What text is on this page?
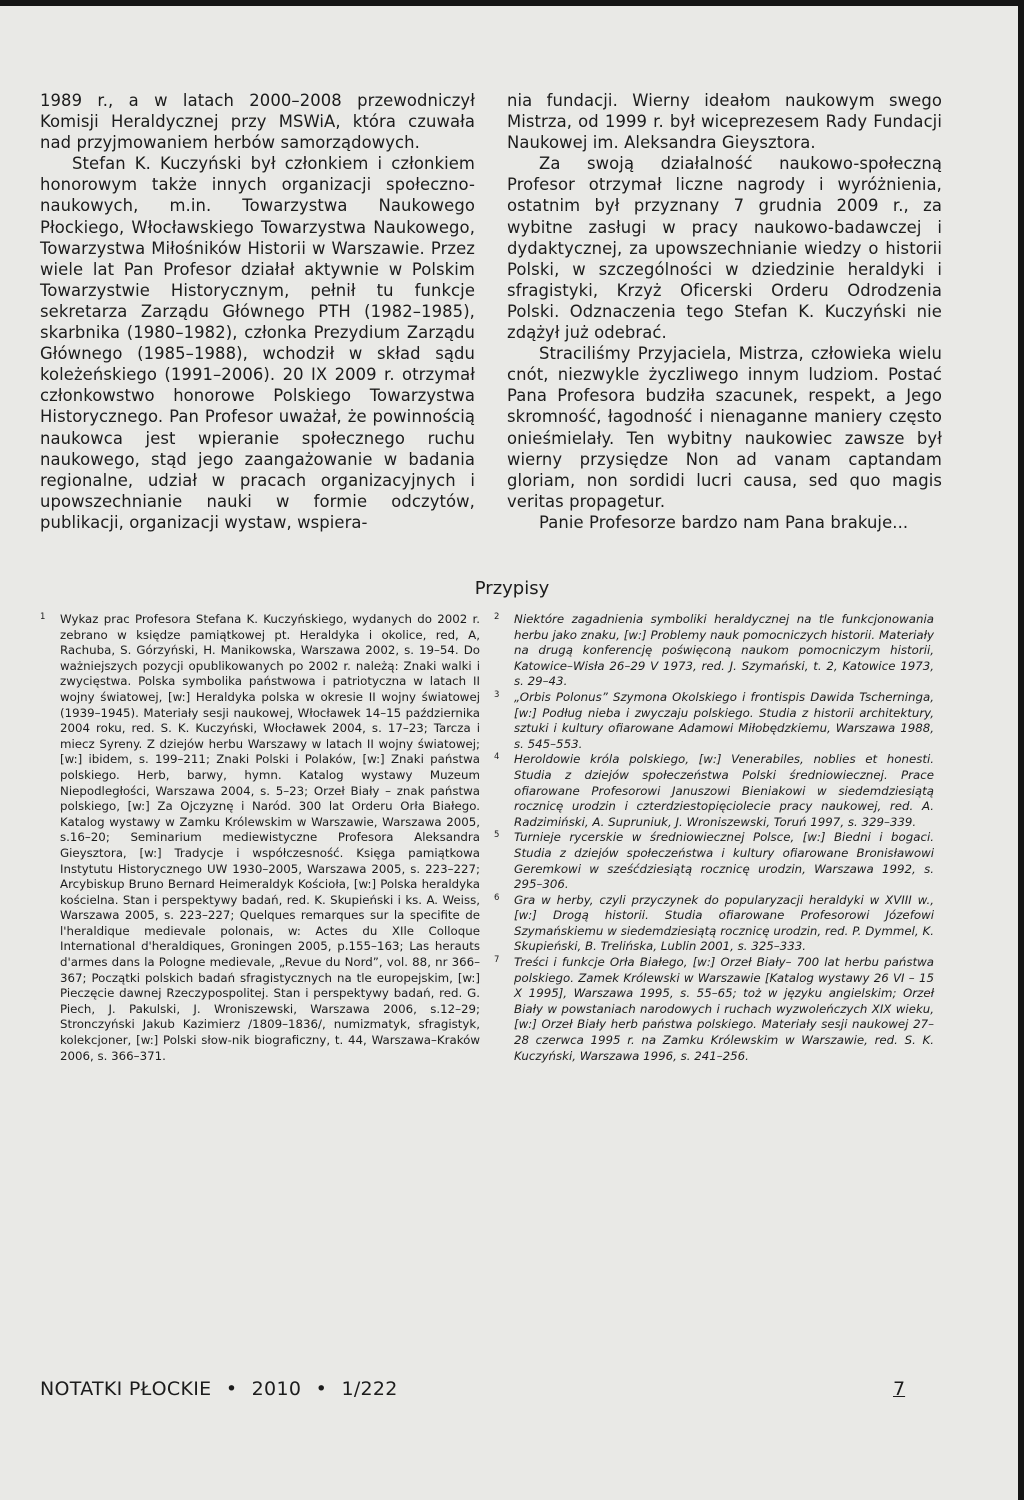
1989 r., a w latach 2000–2008 przewodniczył Komisji Heraldycznej przy MSWiA, która czuwała nad przyjmowaniem herbów samorządowych.

Stefan K. Kuczyński był członkiem i członkiem honorowym także innych organizacji społeczno-naukowych, m.in. Towarzystwa Naukowego Płockiego, Włocławskiego Towarzystwa Naukowego, Towarzystwa Miłośników Historii w Warszawie. Przez wiele lat Pan Profesor działał aktywnie w Polskim Towarzystwie Historycznym, pełnił tu funkcje sekretarza Zarządu Głównego PTH (1982–1985), skarbnika (1980–1982), członka Prezydium Zarządu Głównego (1985–1988), wchodził w skład sądu koleżeńskiego (1991–2006). 20 IX 2009 r. otrzymał członkowstwo honorowe Polskiego Towarzystwa Historycznego. Pan Profesor uważał, że powinnością naukowca jest wpieranie społecznego ruchu naukowego, stąd jego zaangażowanie w badania regionalne, udział w pracach organizacyjnych i upowszechnianie nauki w formie odczytów, publikacji, organizacji wystaw, wspiera-

nia fundacji. Wierny ideałom naukowym swego Mistrza, od 1999 r. był wiceprezesem Rady Fundacji Naukowej im. Aleksandra Gieysztora.

Za swoją działalność naukowo-społeczną Profesor otrzymał liczne nagrody i wyróżnienia, ostatnim był przyznany 7 grudnia 2009 r., za wybitne zasługi w pracy naukowo-badawczej i dydaktycznej, za upowszechnianie wiedzy o historii Polski, w szczególności w dziedzinie heraldyki i sfragistyki, Krzyż Oficerski Orderu Odrodzenia Polski. Odznaczenia tego Stefan K. Kuczyński nie zdążył już odebrać.

Straciliśmy Przyjaciela, Mistrza, człowieka wielu cnót, niezwykle życzliwego innym ludziom. Postać Pana Profesora budziła szacunek, respekt, a Jego skromność, łagodność i nienaganne maniery często onieśmielały. Ten wybitny naukowiec zawsze był wierny przysiędze Non ad vanam captandam gloriam, non sordidi lucri causa, sed quo magis veritas propagetur.

Panie Profesorze bardzo nam Pana brakuje...

Przypisy
1 Wykaz prac Profesora Stefana K. Kuczyńskiego, wydanych do 2002 r. zebrano w księdze pamiątkowej pt. Heraldyka i okolice, red, A, Rachuba, S. Górzyński, H. Manikowska, Warszawa 2002, s. 19–54. Do ważniejszych pozycji opublikowanych po 2002 r. należą: Znaki walki i zwycięstwa. Polska symbolika państwowa i patriotyczna w latach II wojny światowej, [w:] Heraldyka polska w okresie II wojny światowej (1939–1945). Materiały sesji naukowej, Włocławek 14–15 października 2004 roku, red. S. K. Kuczyński, Włocławek 2004, s. 17–23; Tarcza i miecz Syreny. Z dziejów herbu Warszawy w latach II wojny światowej; [w:] ibidem, s. 199–211; Znaki Polski i Polaków, [w:] Znaki państwa polskiego. Herb, barwy, hymn. Katalog wystawy Muzeum Niepodległości, Warszawa 2004, s. 5–23; Orzeł Biały – znak państwa polskiego, [w:] Za Ojczyznę i Naród. 300 lat Orderu Orła Białego. Katalog wystawy w Zamku Królewskim w Warszawie, Warszawa 2005, s.16–20; Seminarium mediewistyczne Profesora Aleksandra Gieysztora, [w:] Tradycje i współczesność. Księga pamiątkowa Instytutu Historycznego UW 1930–2005, Warszawa 2005, s. 223–227; Arcybiskup Bruno Bernard Heimeraldyk Kościoła, [w:] Polska heraldyka kościelna. Stan i perspektywy badań, red. K. Skupieński i ks. A. Weiss, Warszawa 2005, s. 223–227; Quelques remarques sur la specifite de l'heraldique medievale polonais, w: Actes du XIle Colloque International d'heraldiques, Groningen 2005, p.155–163; Las herauts d'armes dans la Pologne medievale, „Revue du Nord”, vol. 88, nr 366–367; Początki polskich badań sfragistycznych na tle europejskim, [w:] Pieczęcie dawnej Rzeczypospolitej. Stan i perspektywy badań, red. G. Piech, J. Pakulski, J. Wroniszewski, Warszawa 2006, s.12–29; Stronczyński Jakub Kazimierz /1809–1836/, numizmatyk, sfragistyk, kolekcjoner, [w:] Polski słow-nik biograficzny, t. 44, Warszawa–Kraków 2006, s. 366–371.
2 Niektóre zagadnienia symboliki heraldycznej na tle funkcjonowania herbu jako znaku, [w:] Problemy nauk pomocniczych historii. Materiały na drugą konferencję poświęconą naukom pomocniczym historii, Katowice–Wisła 26–29 V 1973, red. J. Szymański, t. 2, Katowice 1973, s. 29–43.
3 „Orbis Polonus” Szymona Okolskiego i frontispis Dawida Tscherninga, [w:] Podług nieba i zwyczaju polskiego. Studia z historii architektury, sztuki i kultury ofiarowane Adamowi Miłobędzkiemu, Warszawa 1988, s. 545–553.
4 Heroldowie króla polskiego, [w:] Venerabiles, noblies et honesti. Studia z dziejów społeczeństwa Polski średniowiecznej. Prace ofiarowane Profesorowi Januszowi Bieniakowi w siedemdziesiątą rocznicę urodzin i czterdziestopięciolecie pracy naukowej, red. A. Radzimiński, A. Supruniuk, J. Wroniszewski, Toruń 1997, s. 329–339.
5 Turnieje rycerskie w średniowiecznej Polsce, [w:] Biedni i bogaci. Studia z dziejów społeczeństwa i kultury ofiarowane Bronisławowi Geremkowi w sześćdziesiątą rocznicę urodzin, Warszawa 1992, s. 295–306.
6 Gra w herby, czyli przyczynek do popularyzacji heraldyki w XVIII w., [w:] Drogą historii. Studia ofiarowane Profesorowi Józefowi Szymańskiemu w siedemdziesiątą rocznicę urodzin, red. P. Dymmel, K. Skupieński, B. Trelińska, Lublin 2001, s. 325–333.
7 Treści i funkcje Orła Białego, [w:] Orzeł Biały– 700 lat herbu państwa polskiego. Zamek Królewski w Warszawie [Katalog wystawy 26 VI – 15 X 1995], Warszawa 1995, s. 55–65; toż w języku angielskim; Orzeł Biały w powstaniach narodowych i ruchach wyzwoleńczych XIX wieku, [w:] Orzeł Biały herb państwa polskiego. Materiały sesji naukowej 27–28 czerwca 1995 r. na Zamku Królewskim w Warszawie, red. S. K. Kuczyński, Warszawa 1996, s. 241–256.
NOTATKI PŁOCKIE • 2010 • 1/222	7
